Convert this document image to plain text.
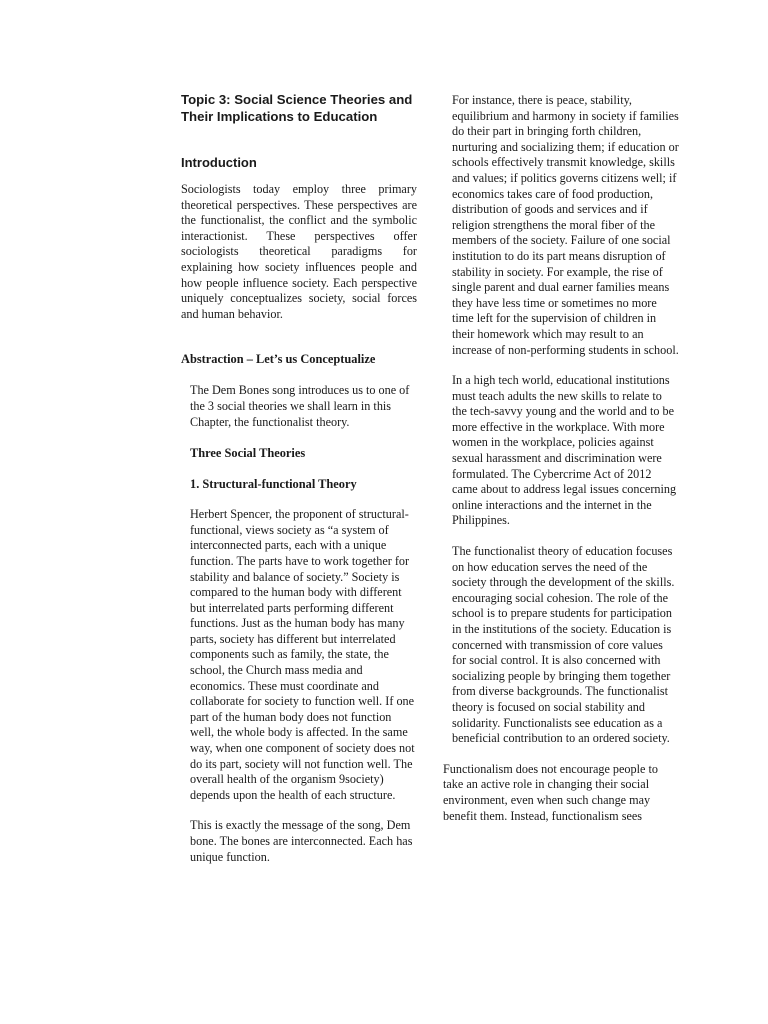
Topic 3: Social Science Theories and Their Implications to Education
Introduction

Sociologists today employ three primary theoretical perspectives. These perspectives are the functionalist, the conflict and the symbolic interactionist. These perspectives offer sociologists theoretical paradigms for explaining how society influences people and how people influence society. Each perspective uniquely conceptualizes society, social forces and human behavior.

Abstraction – Let’s us Conceptualize

The Dem Bones song introduces us to one of the 3 social theories we shall learn in this Chapter, the functionalist theory.

Three Social Theories

1. Structural-functional Theory

Herbert Spencer, the proponent of structural-functional, views society as “a system of interconnected parts, each with a unique function. The parts have to work together for stability and balance of society.” Society is compared to the human body with different but interrelated parts performing different functions. Just as the human body has many parts, society has different but interrelated components such as family, the state, the school, the Church mass media and economics. These must coordinate and collaborate for society to function well. If one part of the human body does not function well, the whole body is affected. In the same way, when one component of society does not do its part, society will not function well. The overall health of the organism 9society) depends upon the health of each structure.

This is exactly the message of the song, Dem bone. The bones are interconnected. Each has unique function.

For instance, there is peace, stability, equilibrium and harmony in society if families do their part in bringing forth children, nurturing and socializing them; if education or schools effectively transmit knowledge, skills and values; if politics governs citizens well; if economics takes care of food production, distribution of goods and services and if religion strengthens the moral fiber of the members of the society. Failure of one social institution to do its part means disruption of stability in society. For example, the rise of single parent and dual earner families means they have less time or sometimes no more time left for the supervision of children in their homework which may result to an increase of non-performing students in school.

In a high tech world, educational institutions must teach adults the new skills to relate to the tech-savvy young and the world and to be more effective in the workplace. With more women in the workplace, policies against sexual harassment and discrimination were formulated. The Cybercrime Act of 2012 came about to address legal issues concerning online interactions and the internet in the Philippines.

The functionalist theory of education focuses on how education serves the need of the society through the development of the skills. encouraging social cohesion. The role of the school is to prepare students for participation in the institutions of the society. Education is concerned with transmission of core values for social control. It is also concerned with socializing people by bringing them together from diverse backgrounds. The functionalist theory is focused on social stability and solidarity. Functionalists see education as a beneficial contribution to an ordered society.

Functionalism does not encourage people to take an active role in changing their social environment, even when such change may benefit them. Instead, functionalism sees
